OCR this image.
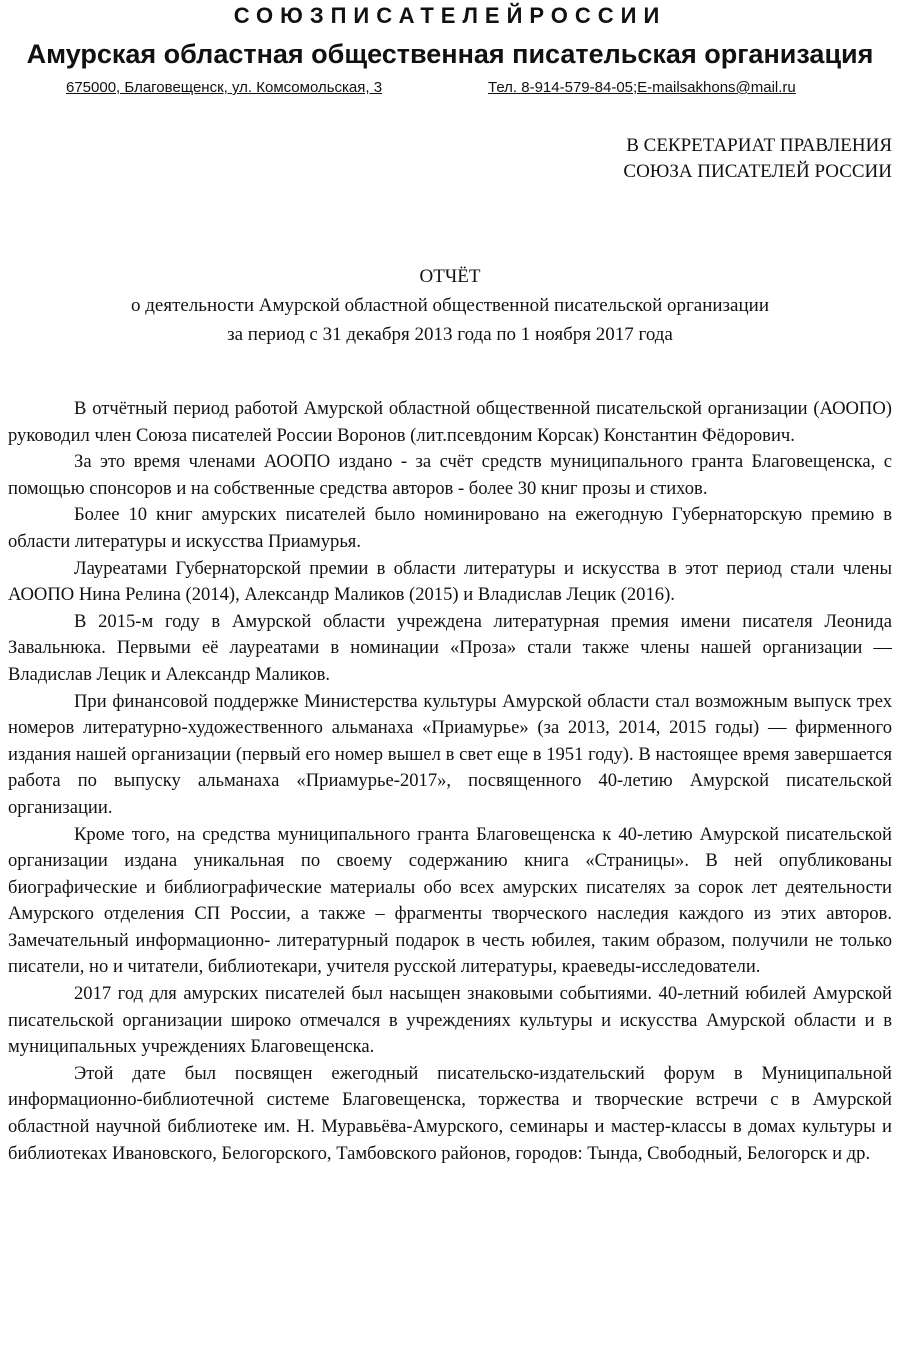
СОЮЗПИСАТЕЛЕЙРОССИИ
Амурская областная общественная писательская организация
675000, Благовещенск, ул. Комсомольская, 3	Тел. 8-914-579-84-05;E-mailsakhons@mail.ru
В СЕКРЕТАРИАТ ПРАВЛЕНИЯ
СОЮЗА ПИСАТЕЛЕЙ РОССИИ
ОТЧЁТ
о деятельности Амурской областной общественной писательской организации
за период с 31 декабря 2013 года по 1 ноября 2017 года

В отчётный период работой Амурской областной общественной писательской организации (АООПО) руководил член Союза писателей России Воронов (лит.псевдоним Корсак) Константин Фёдорович.

За это время членами АООПО издано - за счёт средств муниципального гранта Благовещенска, с помощью спонсоров и на собственные средства авторов - более 30 книг прозы и стихов.

Более 10 книг амурских писателей было номинировано на ежегодную Губернаторскую премию в области литературы и искусства Приамурья.

Лауреатами Губернаторской премии в области литературы и искусства в этот период стали члены АООПО Нина Релина (2014), Александр Маликов (2015) и Владислав Лецик (2016).

В 2015-м году в Амурской области учреждена литературная премия имени писателя Леонида Завальнюка. Первыми её лауреатами в номинации «Проза» стали также члены нашей организации — Владислав Лецик и Александр Маликов.

При финансовой поддержке Министерства культуры Амурской области стал возможным выпуск трех номеров литературно-художественного альманаха «Приамурье» (за 2013, 2014, 2015 годы) — фирменного издания нашей организации (первый его номер вышел в свет еще в 1951 году). В настоящее время завершается работа по выпуску альманаха «Приамурье-2017», посвященного 40-летию Амурской писательской организации.

Кроме того, на средства муниципального гранта Благовещенска к 40-летию Амурской писательской организации издана уникальная по своему содержанию книга «Страницы». В ней опубликованы биографические и библиографические материалы обо всех амурских писателях за сорок лет деятельности Амурского отделения СП России, а также – фрагменты творческого наследия каждого из этих авторов. Замечательный информационно- литературный подарок в честь юбилея, таким образом, получили не только писатели, но и читатели, библиотекари, учителя русской литературы, краеведы-исследователи.

2017 год для амурских писателей был насыщен знаковыми событиями. 40-летний юбилей Амурской писательской организации широко отмечался в учреждениях культуры и искусства Амурской области и в муниципальных учреждениях Благовещенска.

Этой дате был посвящен ежегодный писательско-издательский форум в Муниципальной информационно-библиотечной системе Благовещенска, торжества и творческие встречи с в Амурской областной научной библиотеке им. Н. Муравьёва-Амурского, семинары и мастер-классы в домах культуры и библиотеках Ивановского, Белогорского, Тамбовского районов, городов: Тында, Свободный, Белогорск и др.
